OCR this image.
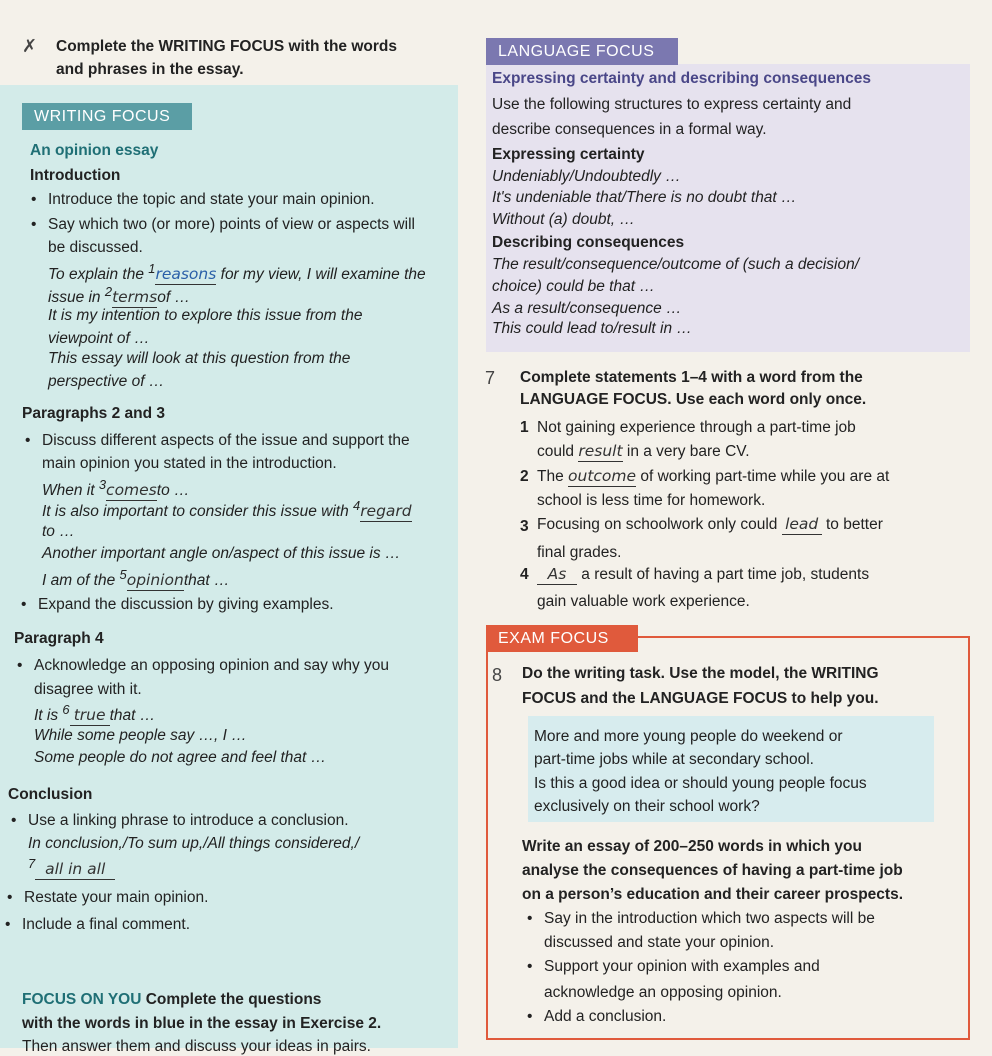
✗ Complete the WRITING FOCUS with the words
and phrases in the essay.
WRITING FOCUS
An opinion essay
Introduction
• Introduce the topic and state your main opinion.
• Say which two (or more) points of view or aspects will
be discussed.
To explain the $^1$reasons for my view, I will examine the
issue in $^2$termsof …
It is my intention to explore this issue from the
viewpoint of …
This essay will look at this question from the
perspective of …
Paragraphs 2 and 3
• Discuss different aspects of the issue and support the
main opinion you stated in the introduction.
When it $^3$comesto …
It is also important to consider this issue with $^4$regard
to …
Another important angle on/aspect of this issue is …
I am of the $^5$opinionthat …
• Expand the discussion by giving examples.
Paragraph 4
• Acknowledge an opposing opinion and say why you
disagree with it.
It is $^6$ true that …
While some people say …, I …
Some people do not agree and feel that …
Conclusion
• Use a linking phrase to introduce a conclusion.
In conclusion,/To sum up,/All things considered,/
$^7$ all in all
• Restate your main opinion.
• Include a final comment.
FOCUS ON YOU Complete the questions
with the words in blue in the essay in Exercise 2.
Then answer them and discuss your ideas in pairs.
LANGUAGE FOCUS
Expressing certainty and describing consequences
Use the following structures to express certainty and
describe consequences in a formal way.
Expressing certainty
Undeniably/Undoubtedly …
It's undeniable that/There is no doubt that …
Without (a) doubt, …
Describing consequences
The result/consequence/outcome of (such a decision/
choice) could be that …
As a result/consequence …
This could lead to/result in …
7 Complete statements 1–4 with a word from the
LANGUAGE FOCUS. Use each word only once.
1 Not gaining experience through a part-time job
could result in a very bare CV.
2 The outcome of working part-time while you are at
school is less time for homework.
3 Focusing on schoolwork only could lead to better
final grades.
4	As a result of having a part time job, students
gain valuable work experience.
EXAM FOCUS
8 Do the writing task. Use the model, the WRITING
FOCUS and the LANGUAGE FOCUS to help you.
More and more young people do weekend or
part-time jobs while at secondary school.
Is this a good idea or should young people focus
exclusively on their school work?
Write an essay of 200–250 words in which you
analyse the consequences of having a part-time job
on a person’s education and their career prospects.
• Say in the introduction which two aspects will be
discussed and state your opinion.
• Support your opinion with examples and
acknowledge an opposing opinion.
• Add a conclusion.
